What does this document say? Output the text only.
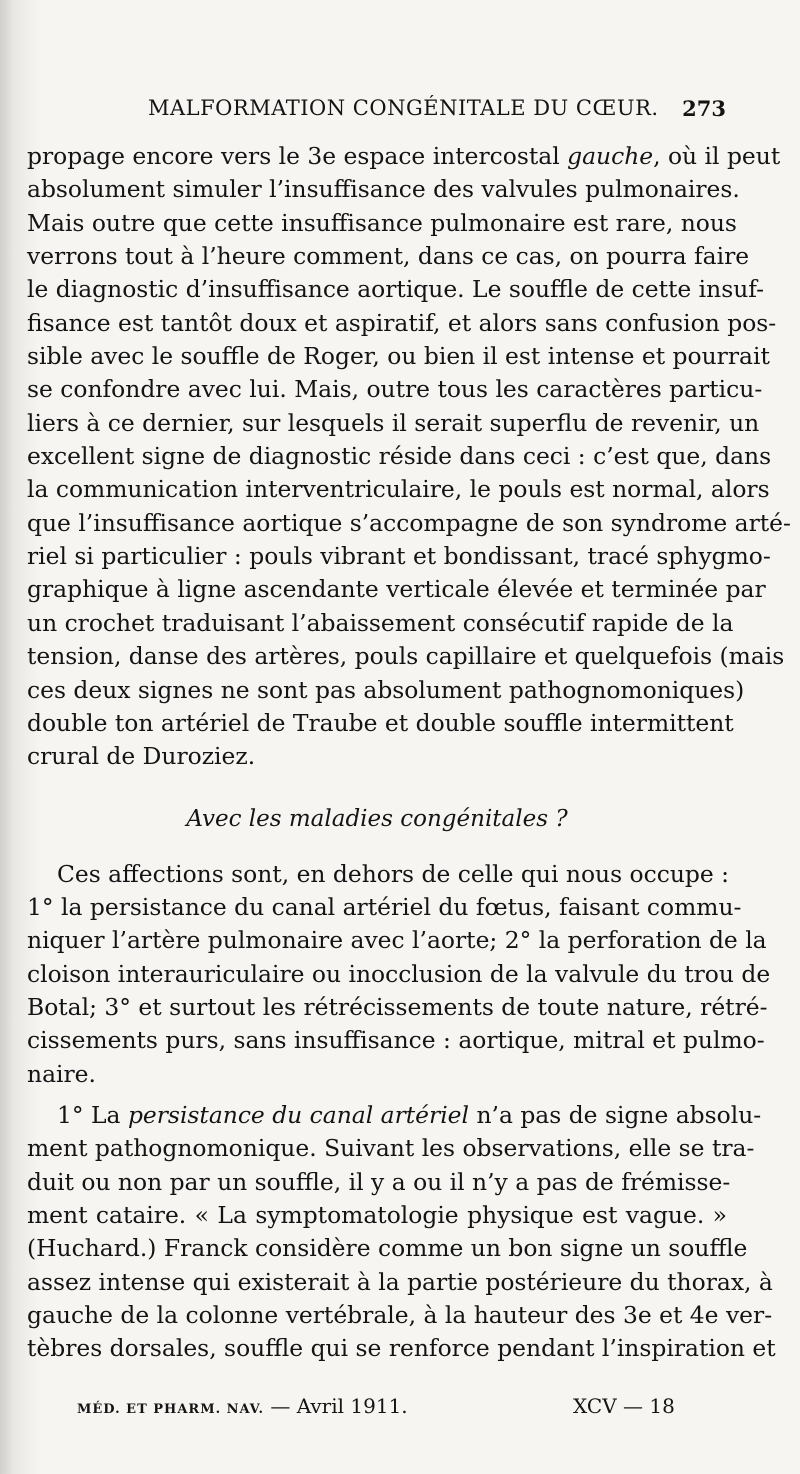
MALFORMATION CONGÉNITALE DU CŒUR. 273
propage encore vers le 3e espace intercostal gauche, où il peut
absolument simuler l’insuffisance des valvules pulmonaires.
Mais outre que cette insuffisance pulmonaire est rare, nous
verrons tout à l’heure comment, dans ce cas, on pourra faire
le diagnostic d’insuffisance aortique. Le souffle de cette insuf-
fisance est tantôt doux et aspiratif, et alors sans confusion pos-
sible avec le souffle de Roger, ou bien il est intense et pourrait
se confondre avec lui. Mais, outre tous les caractères particu-
liers à ce dernier, sur lesquels il serait superflu de revenir, un
excellent signe de diagnostic réside dans ceci : c’est que, dans
la communication interventriculaire, le pouls est normal, alors
que l’insuffisance aortique s’accompagne de son syndrome arté-
riel si particulier : pouls vibrant et bondissant, tracé sphygmo-
graphique à ligne ascendante verticale élevée et terminée par
un crochet traduisant l’abaissement consécutif rapide de la
tension, danse des artères, pouls capillaire et quelquefois (mais
ces deux signes ne sont pas absolument pathognomoniques)
double ton artériel de Traube et double souffle intermittent
crural de Duroziez.
Avec les maladies congénitales ?
Ces affections sont, en dehors de celle qui nous occupe :
1° la persistance du canal artériel du fœtus, faisant commu-
niquer l’artère pulmonaire avec l’aorte; 2° la perforation de la
cloison interauriculaire ou inocclusion de la valvule du trou de
Botal; 3° et surtout les rétrécissements de toute nature, rétré-
cissements purs, sans insuffisance : aortique, mitral et pulmo-
naire.
1° La persistance du canal artériel n’a pas de signe absolu-
ment pathognomonique. Suivant les observations, elle se tra-
duit ou non par un souffle, il y a ou il n’y a pas de frémisse-
ment cataire. « La symptomatologie physique est vague. »
(Huchard.) Franck considère comme un bon signe un souffle
assez intense qui existerait à la partie postérieure du thorax, à
gauche de la colonne vertébrale, à la hauteur des 3e et 4e ver-
tèbres dorsales, souffle qui se renforce pendant l’inspiration et
MÉD. ET PHARM. NAV. — Avril 1911.	XCV — 18
